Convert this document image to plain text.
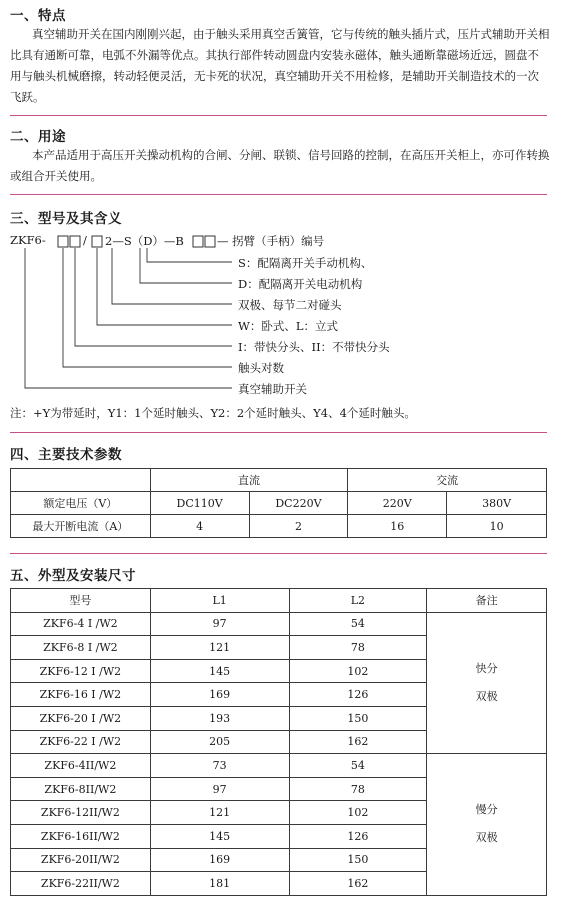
一、特点

真空辅助开关在国内刚刚兴起，由于触头采用真空舌簧管，它与传统的触头插片式，压片式辅助开关相比具有通断可靠，电弧不外漏等优点。其执行部件转动圆盘内安装永磁体，触头通断靠磁场近远，圆盘不用与触头机械磨擦，转动轻便灵活，无卡死的状况，真空辅助开关不用检修，是辅助开关制造技术的一次飞跃。

二、用途

本产品适用于高压开关操动机构的合闸、分闸、联锁、信号回路的控制，在高压开关柜上，亦可作转换或组合开关使用。

三、型号及其含义
ZKF6-	/ 2—S（D）—B	— 拐臂（手柄）编号
S：配隔离开关手动机构、
D：配隔离开关电动机构
双极、每节二对碰头
W：卧式、L：立式
I：带快分头、II：不带快分头
触头对数
真空辅助开关
注：+Y为带延时，Y1：1个延时触头、Y2：2个延时触头、Y4、4个延时触头。
四、主要技术参数
	直流		交流	
额定电压（V）	DC110V	DC220V	220V	380V
最大开断电流（A）	4	2	16	10
五、外型及安装尺寸
型号	L1	L2	备注
ZKF6-4 I /W2	97	54	快分
双极

ZKF6-8 I /W2	121	78	
ZKF6-12 I /W2	145	102	
ZKF6-16 I /W2	169	126	
ZKF6-20 I /W2	193	150	
ZKF6-22 I /W2	205	162	
ZKF6-4II/W2	73	54	慢分
双极

ZKF6-8II/W2	97	78	
ZKF6-12II/W2	121	102	
ZKF6-16II/W2	145	126	
ZKF6-20II/W2	169	150	
ZKF6-22II/W2	181	162	
